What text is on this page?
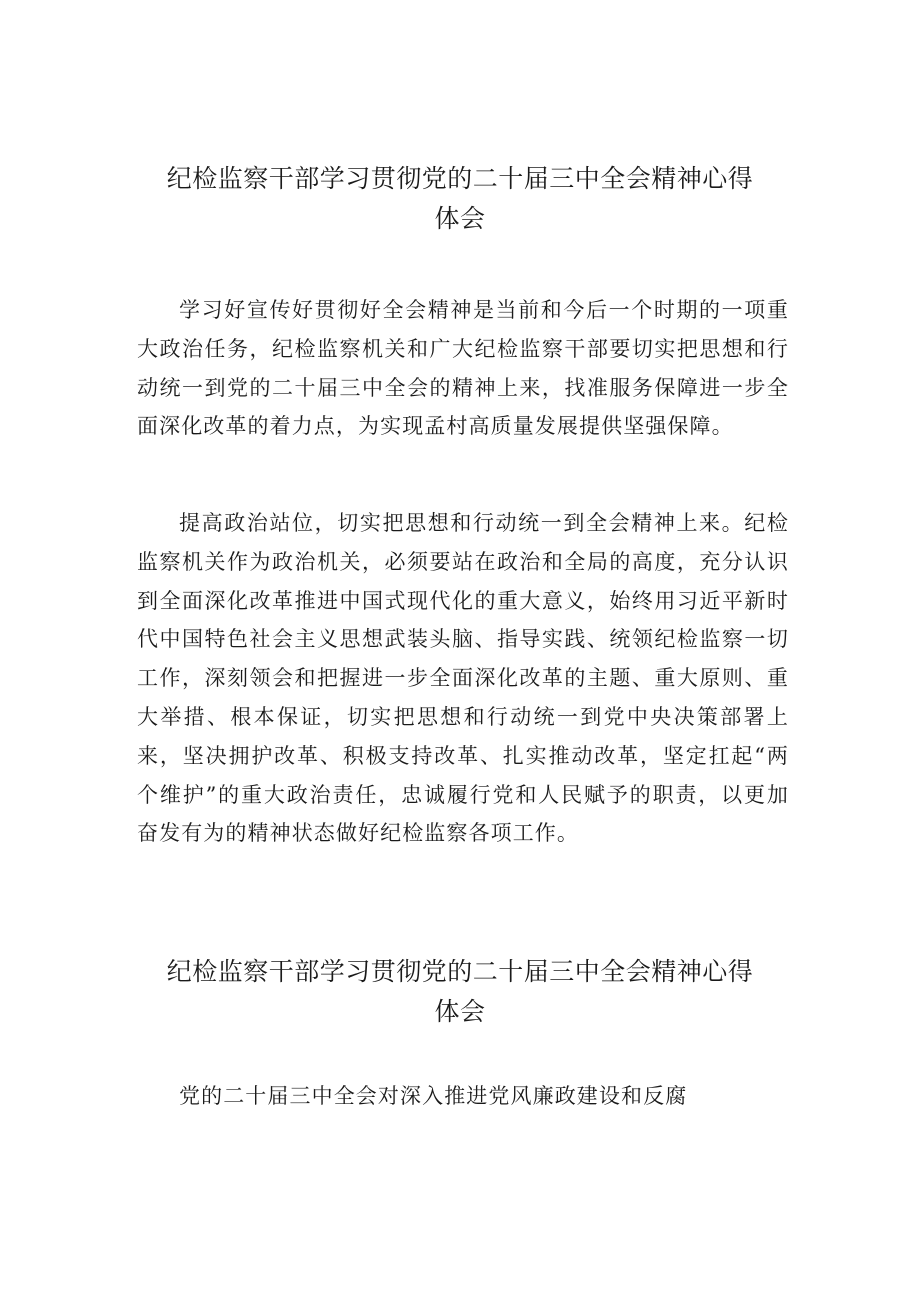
纪检监察干部学习贯彻党的二十届三中全会精神心得
体会

学习好宣传好贯彻好全会精神是当前和今后一个时期的一项重大政治任务，纪检监察机关和广大纪检监察干部要切实把思想和行动统一到党的二十届三中全会的精神上来，找准服务保障进一步全面深化改革的着力点，为实现孟村高质量发展提供坚强保障。

提高政治站位，切实把思想和行动统一到全会精神上来。纪检监察机关作为政治机关，必须要站在政治和全局的高度，充分认识到全面深化改革推进中国式现代化的重大意义，始终用习近平新时代中国特色社会主义思想武装头脑、指导实践、统领纪检监察一切工作，深刻领会和把握进一步全面深化改革的主题、重大原则、重大举措、根本保证，切实把思想和行动统一到党中央决策部署上来，坚决拥护改革、积极支持改革、扎实推动改革，坚定扛起“两个维护”的重大政治责任，忠诚履行党和人民赋予的职责，以更加奋发有为的精神状态做好纪检监察各项工作。

纪检监察干部学习贯彻党的二十届三中全会精神心得
体会

党的二十届三中全会对深入推进党风廉政建设和反腐
